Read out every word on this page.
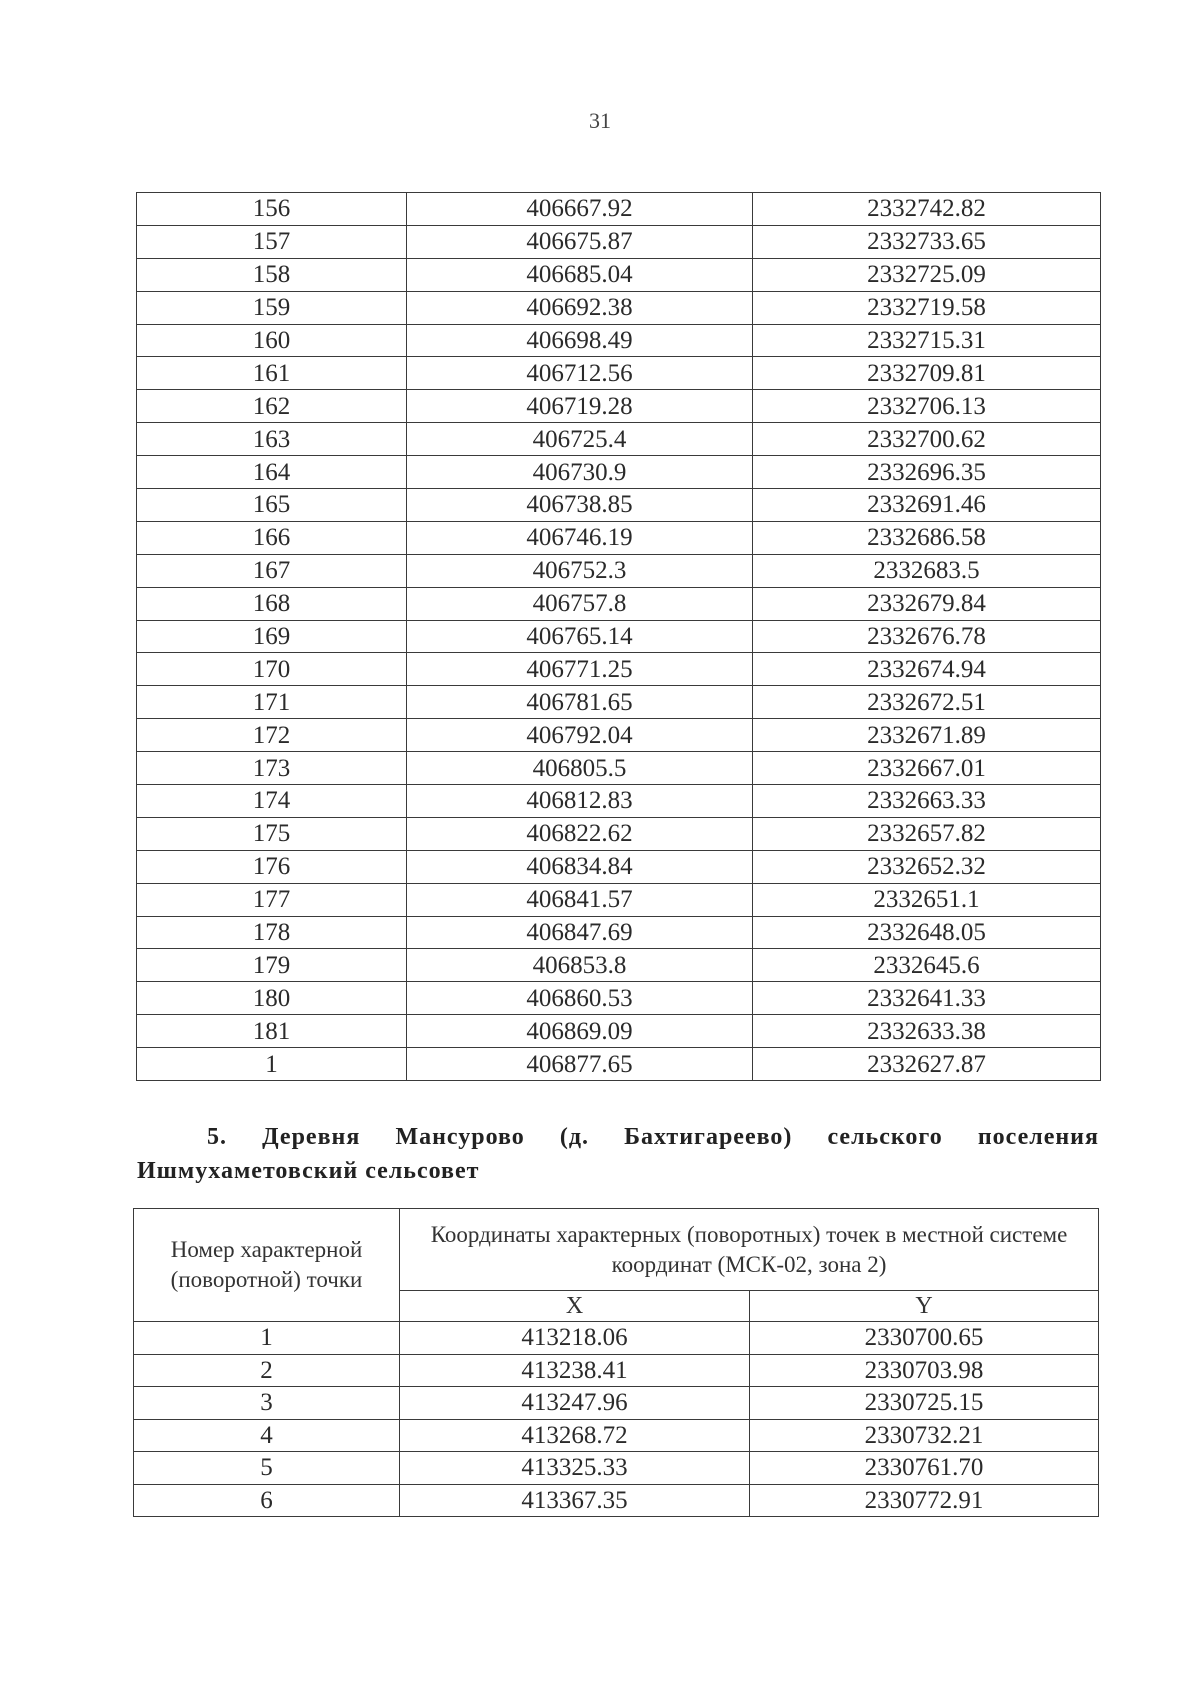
31
156	406667.92	2332742.82
157	406675.87	2332733.65
158	406685.04	2332725.09
159	406692.38	2332719.58
160	406698.49	2332715.31
161	406712.56	2332709.81
162	406719.28	2332706.13
163	406725.4	2332700.62
164	406730.9	2332696.35
165	406738.85	2332691.46
166	406746.19	2332686.58
167	406752.3	2332683.5
168	406757.8	2332679.84
169	406765.14	2332676.78
170	406771.25	2332674.94
171	406781.65	2332672.51
172	406792.04	2332671.89
173	406805.5	2332667.01
174	406812.83	2332663.33
175	406822.62	2332657.82
176	406834.84	2332652.32
177	406841.57	2332651.1
178	406847.69	2332648.05
179	406853.8	2332645.6
180	406860.53	2332641.33
181	406869.09	2332633.38
1	406877.65	2332627.87
5. Деревня Мансурово (д. Бахтигареево) сельского поселения
Ишмухаметовский сельсовет
Номер характерной (поворотной) точки	Координаты характерных (поворотных) точек в местной системе координат (МСК-02, зона 2)	
	X	Y
1	413218.06	2330700.65
2	413238.41	2330703.98
3	413247.96	2330725.15
4	413268.72	2330732.21
5	413325.33	2330761.70
6	413367.35	2330772.91
